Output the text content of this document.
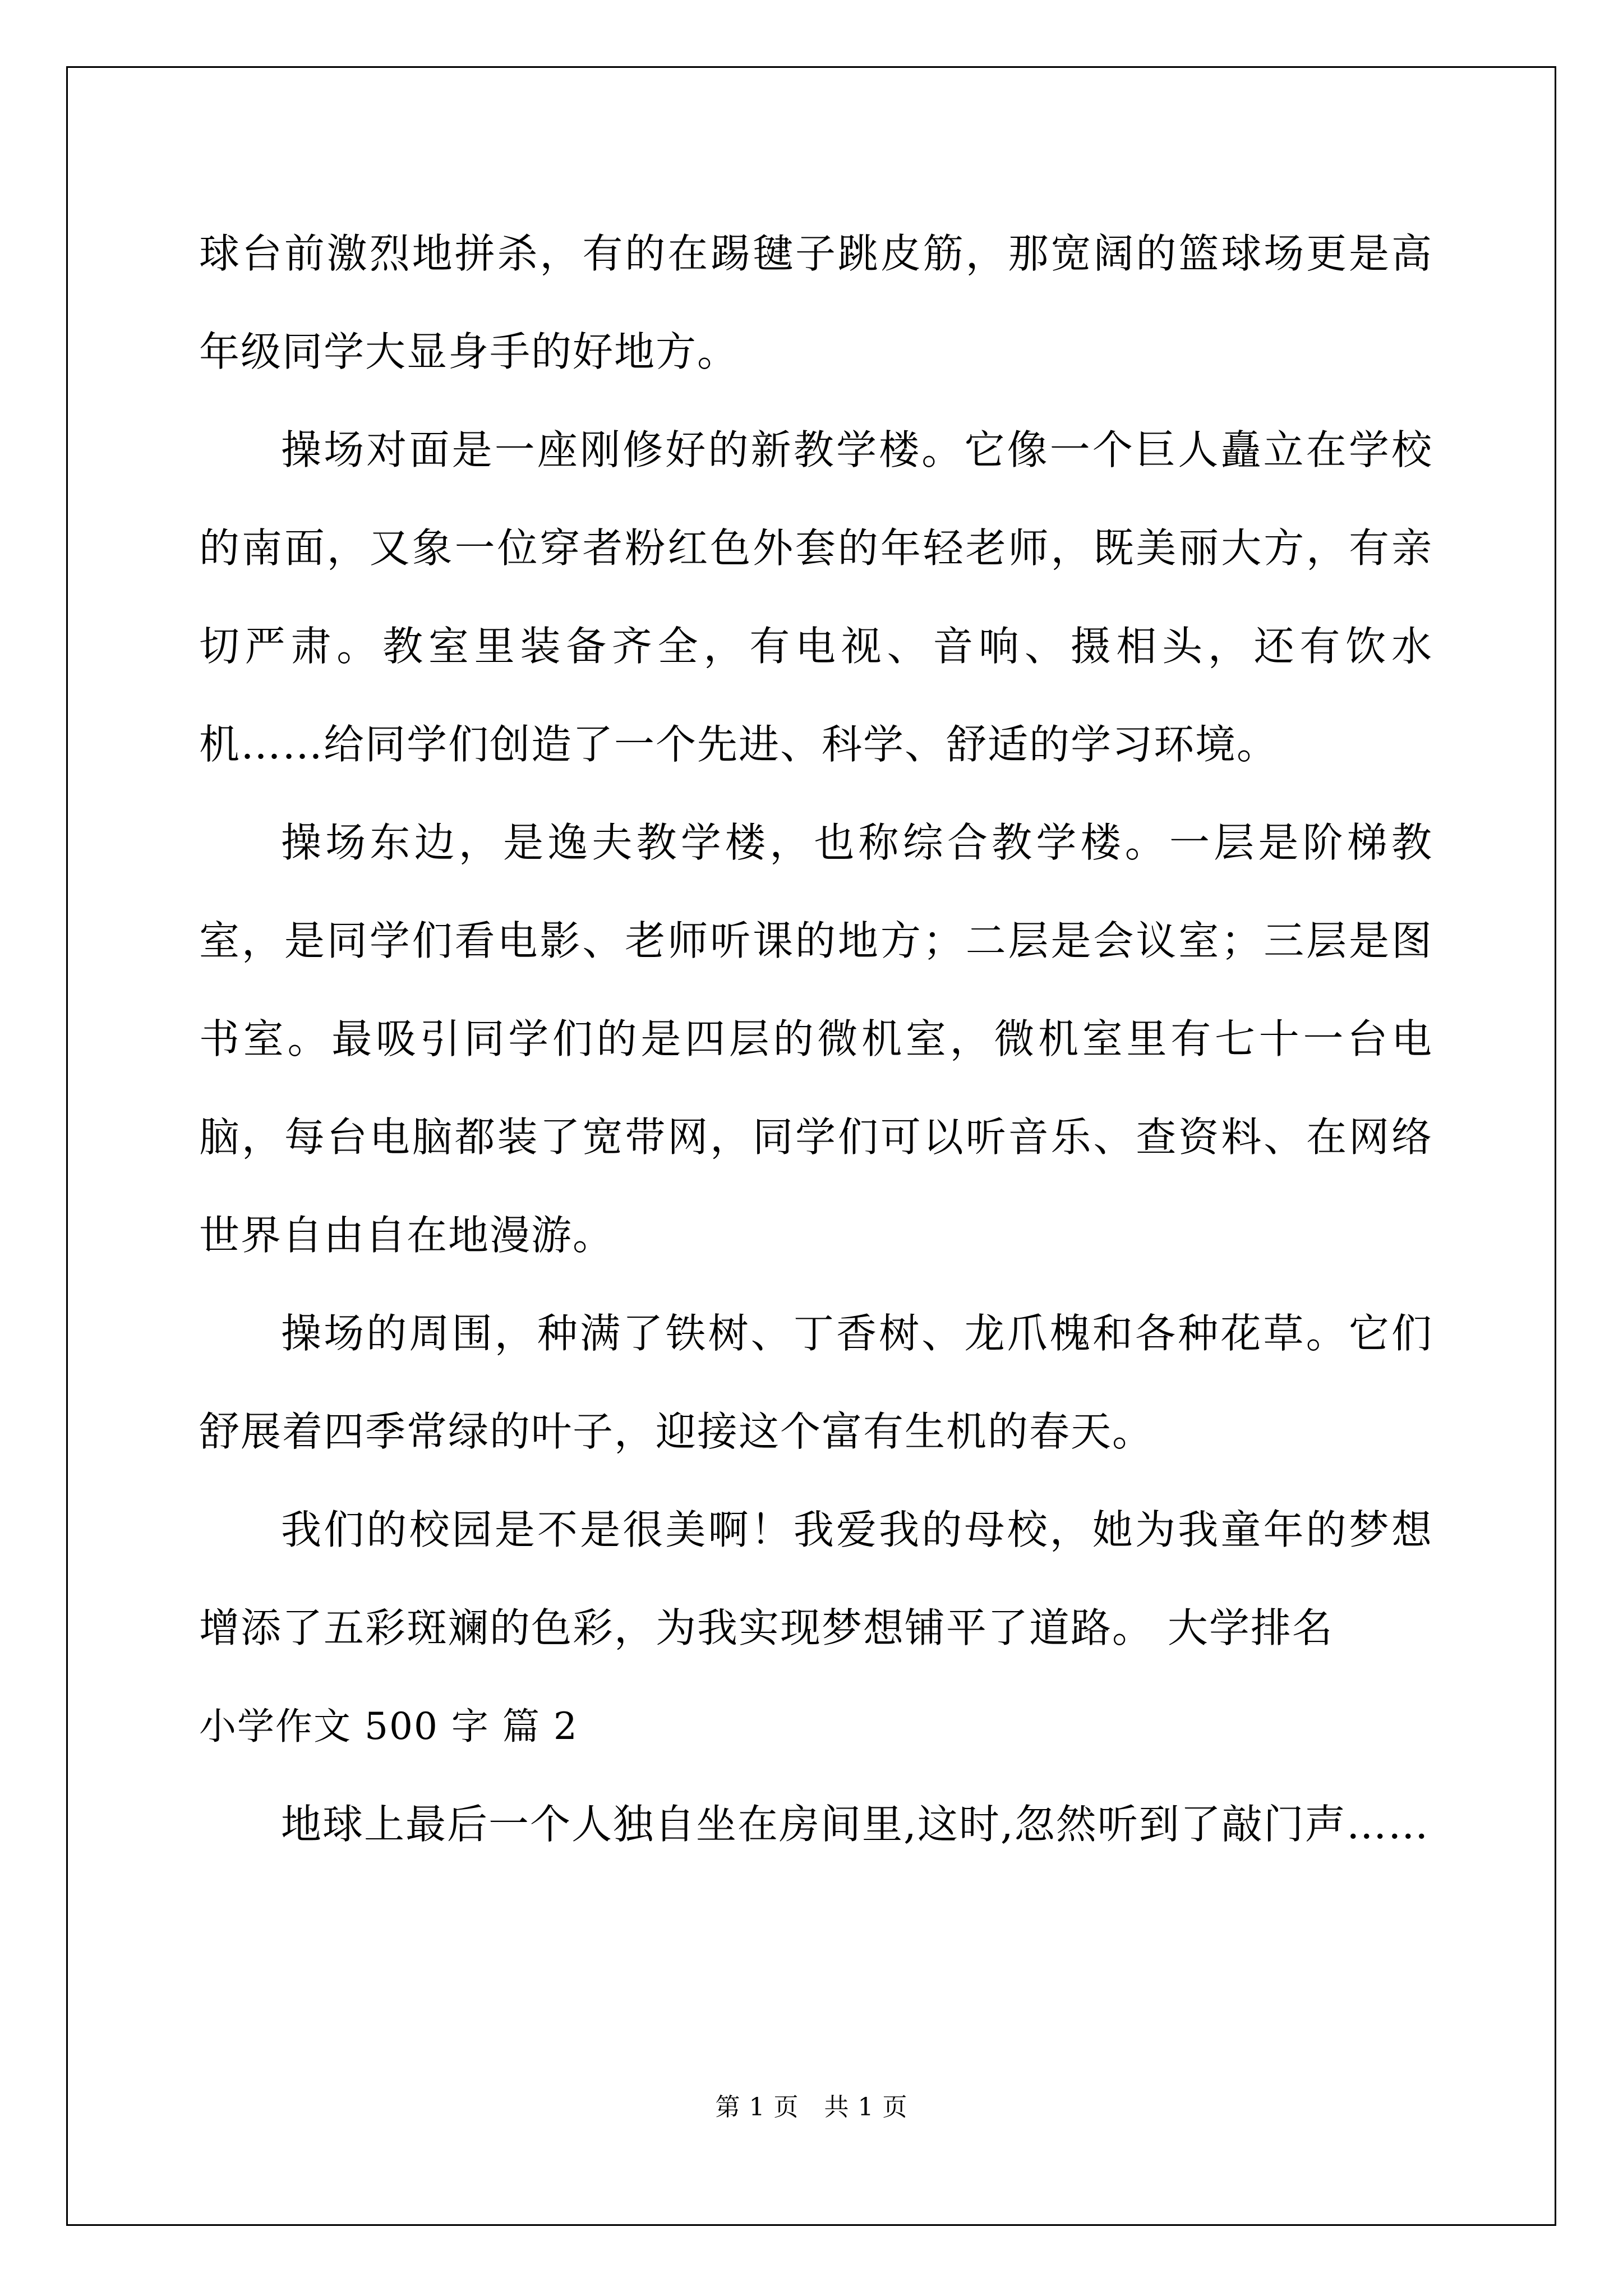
球台前激烈地拼杀，有的在踢毽子跳皮筋，那宽阔的篮球场更是高年级同学大显身手的好地方。

操场对面是一座刚修好的新教学楼。它像一个巨人矗立在学校的南面，又象一位穿者粉红色外套的年轻老师，既美丽大方，有亲切严肃。教室里装备齐全，有电视、音响、摄相头，还有饮水机……给同学们创造了一个先进、科学、舒适的学习环境。

操场东边，是逸夫教学楼，也称综合教学楼。一层是阶梯教室，是同学们看电影、老师听课的地方；二层是会议室；三层是图书室。最吸引同学们的是四层的微机室，微机室里有七十一台电脑，每台电脑都装了宽带网，同学们可以听音乐、查资料、在网络世界自由自在地漫游。

操场的周围，种满了铁树、丁香树、龙爪槐和各种花草。它们舒展着四季常绿的叶子，迎接这个富有生机的春天。

我们的校园是不是很美啊！我爱我的母校，她为我童年的梦想增添了五彩斑斓的色彩，为我实现梦想铺平了道路。 大学排名

小学作文 500 字 篇 2

地球上最后一个人独自坐在房间里,这时,忽然听到了敲门声……

第 1 页　共 1 页
